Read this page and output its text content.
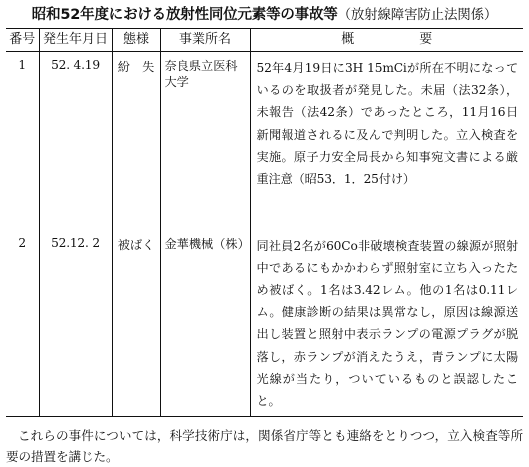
昭和52年度における放射性同位元素等の事故等（放射線障害防止法関係）
番号	発生年月日	態様	事業所名	概　　　　　要
1	52. 4.19	紛　失	奈良県立医科大学	52年4月19日に3H 15mCiが所在不明になっているのを取扱者が発見した。未届（法32条），未報告（法42条）であったところ，11月16日新聞報道されるに及んで判明した。立入検査を実施。原子力安全局長から知事宛文書による厳重注意（昭53．1．25付け）
2	52.12. 2	被ばく	金華機械（株）	同社員2名が60Co非破壊検査装置の線源が照射中であるにもかかわらず照射室に立ち入ったため被ばく。1名は3.42レム。他の1名は0.11レム。健康診断の結果は異常なし，原因は線源送出し装置と照射中表示ランプの電源プラグが脱落し，赤ランプが消えたうえ，青ランプに太陽光線が当たり，ついているものと誤認したこと。

これらの事件については，科学技術庁は，関係省庁等とも連絡をとりつつ，立入検査等所要の措置を講じた。
